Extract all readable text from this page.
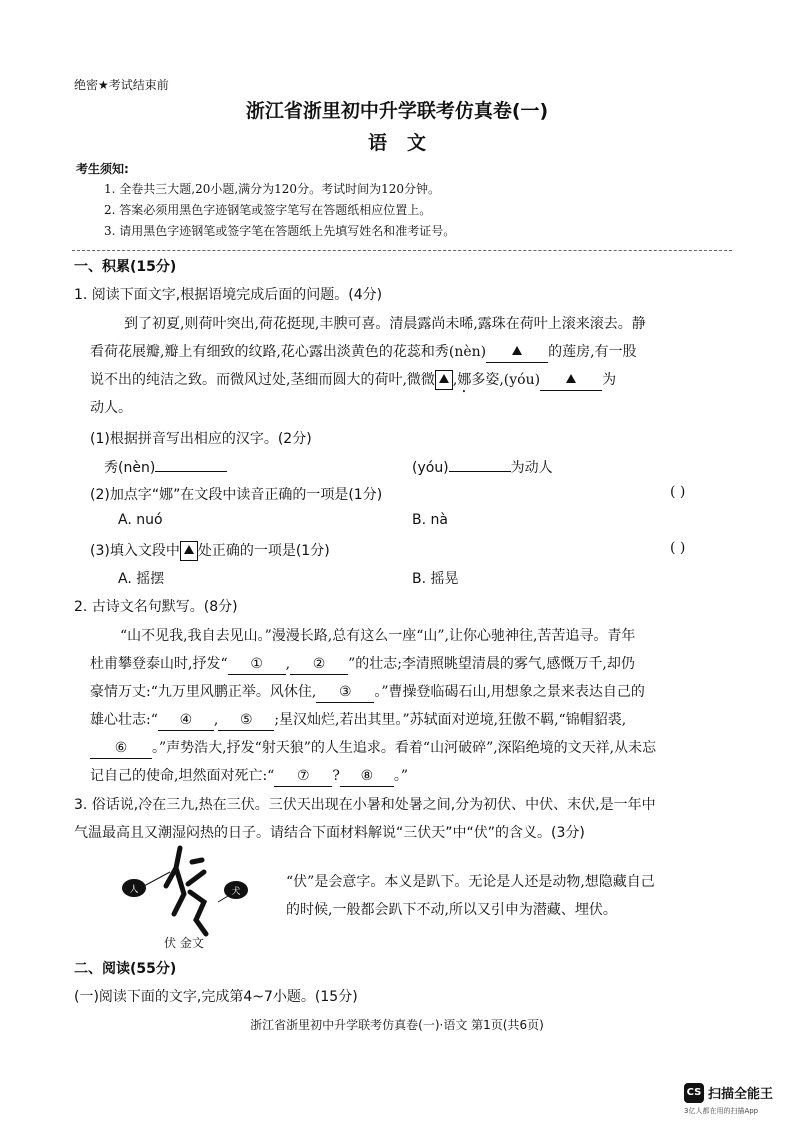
绝密★考试结束前
浙江省浙里初中升学联考仿真卷(一)
语文
考生须知:
1. 全卷共三大题,20小题,满分为120分。考试时间为120分钟。
2. 答案必须用黑色字迹钢笔或签字笔写在答题纸相应位置上。
3. 请用黑色字迹钢笔或签字笔在答题纸上先填写姓名和准考证号。
一、积累(15分)
1. 阅读下面文字,根据语境完成后面的问题。(4分)
到了初夏,则荷叶突出,荷花挺现,丰腴可喜。清晨露尚未晞,露珠在荷叶上滚来滚去。静
看荷花展瓣,瓣上有细致的纹路,花心露出淡黄色的花蕊和秀(nèn)	的莲房,有一股
说不出的纯洁之致。而微风过处,茎细而圆大的荷叶,微微 ,娜多姿,(yóu)	为
动人。
(1)根据拼音写出相应的汉字。(2分)
秀(nèn)	(yóu)	为动人
(2)加点字“娜”在文段中读音正确的一项是(1分)	( )
A. nuó	B. nà
(3)填入文段中 处正确的一项是(1分)	( )
A. 摇摆	B. 摇晃
2. 古诗文名句默写。(8分)
“山不见我,我自去见山。”漫漫长路,总有这么一座“山”,让你心驰神往,苦苦追寻。青年
杜甫攀登泰山时,抒发“ ① , ② ”的壮志;李清照眺望清晨的雾气,感慨万千,却仍
豪情万丈:“九万里风鹏正举。风休住, ③ 。”曹操登临碣石山,用想象之景来表达自己的
雄心壮志:“ ④ , ⑤ ;星汉灿烂,若出其里。”苏轼面对逆境,狂傲不羁,“锦帽貂裘,
⑥ 。”声势浩大,抒发“射天狼”的人生追求。看着“山河破碎”,深陷绝境的文天祥,从未忘
记自己的使命,坦然面对死亡:“ ⑦ ? ⑧ 。”
3. 俗话说,冷在三九,热在三伏。三伏天出现在小暑和处暑之间,分为初伏、中伏、末伏,是一年中
气温最高且又潮湿闷热的日子。请结合下面材料解说“三伏天”中“伏”的含义。(3分)
人	犬
伏 金文
“伏”是会意字。本义是趴下。无论是人还是动物,想隐藏自己
的时候,一般都会趴下不动,所以又引申为潜藏、埋伏。
二、阅读(55分)
(一)阅读下面的文字,完成第4~7小题。(15分)
浙江省浙里初中升学联考仿真卷(一)·语文 第1页(共6页)
CS 扫描全能王
3亿人都在用的扫描App
